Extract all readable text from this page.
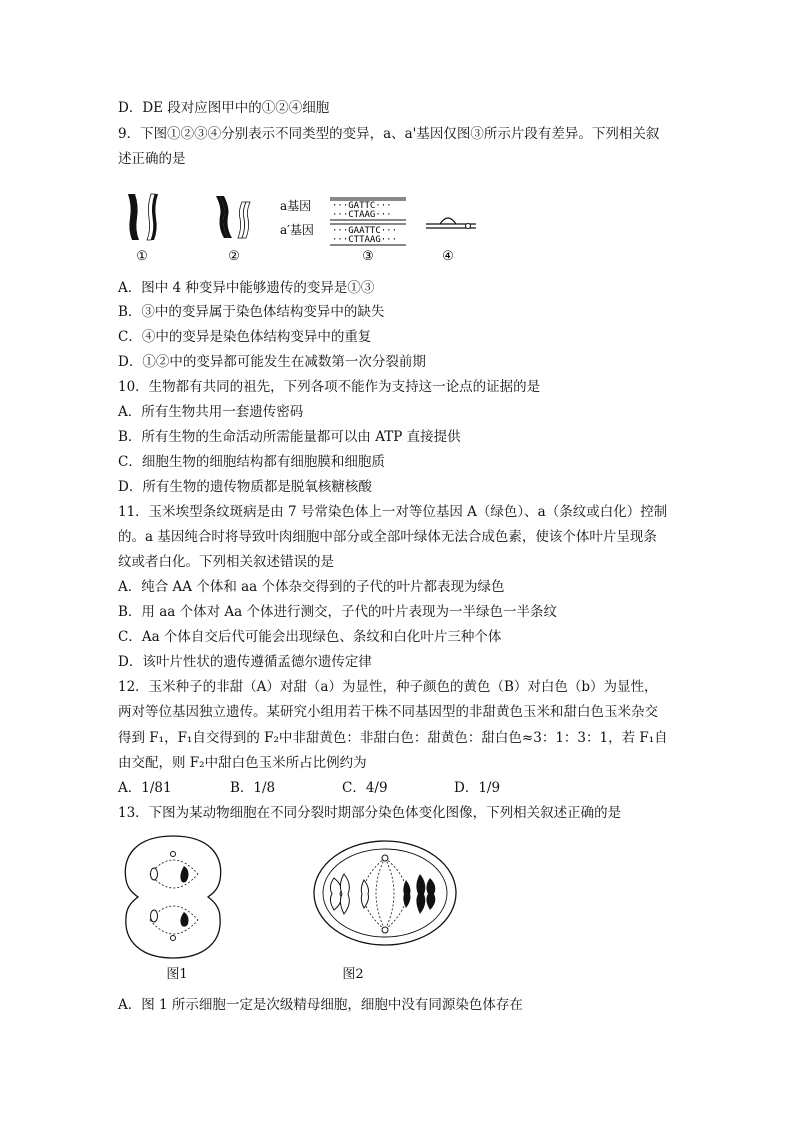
D．DE 段对应图甲中的①②④细胞
9．下图①②③④分别表示不同类型的变异，a、a'基因仅图③所示片段有差异。下列相关叙
述正确的是
a基因
a′基因
···GATTC···
···CTAAG···
···GAATTC···
···CTTAAG···
①	②	③	④
A．图中 4 种变异中能够遗传的变异是①③
B．③中的变异属于染色体结构变异中的缺失
C．④中的变异是染色体结构变异中的重复
D．①②中的变异都可能发生在减数第一次分裂前期
10．生物都有共同的祖先，下列各项不能作为支持这一论点的证据的是
A．所有生物共用一套遗传密码
B．所有生物的生命活动所需能量都可以由 ATP 直接提供
C．细胞生物的细胞结构都有细胞膜和细胞质
D．所有生物的遗传物质都是脱氧核糖核酸
11．玉米埃型条纹斑病是由 7 号常染色体上一对等位基因 A（绿色）、a（条纹或白化）控制
的。a 基因纯合时将导致叶肉细胞中部分或全部叶绿体无法合成色素，使该个体叶片呈现条
纹或者白化。下列相关叙述错误的是
A．纯合 AA 个体和 aa 个体杂交得到的子代的叶片都表现为绿色
B．用 aa 个体对 Aa 个体进行测交，子代的叶片表现为一半绿色一半条纹
C．Aa 个体自交后代可能会出现绿色、条纹和白化叶片三种个体
D．该叶片性状的遗传遵循孟德尔遗传定律
12．玉米种子的非甜（A）对甜（a）为显性，种子颜色的黄色（B）对白色（b）为显性，
两对等位基因独立遗传。某研究小组用若干株不同基因型的非甜黄色玉米和甜白色玉米杂交
得到 F₁，F₁自交得到的 F₂中非甜黄色：非甜白色：甜黄色：甜白色≈3：1：3：1，若 F₁自
由交配，则 F₂中甜白色玉米所占比例约为
A．1/81	B．1/8	C．4/9	D．1/9
13．下图为某动物细胞在不同分裂时期部分染色体变化图像，下列相关叙述正确的是
图1	图2
A．图 1 所示细胞一定是次级精母细胞，细胞中没有同源染色体存在
